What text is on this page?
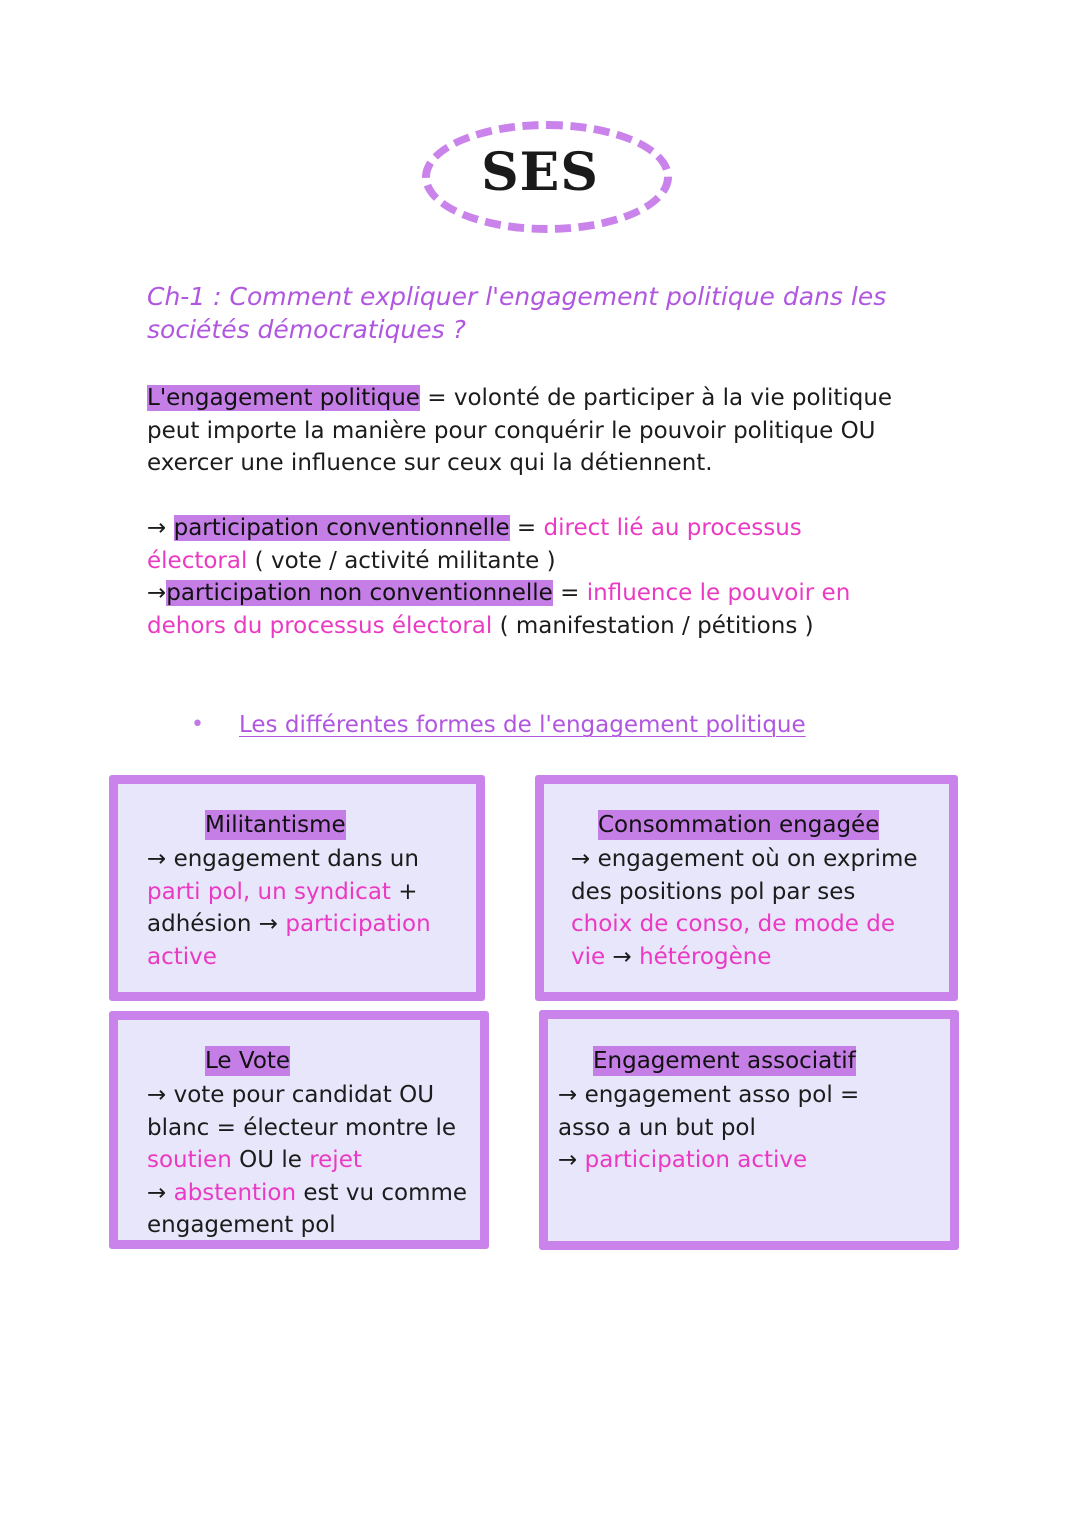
SES
Ch-1 : Comment expliquer l'engagement politique dans les sociétés démocratiques ?
L'engagement politique = volonté de participer à la vie politique
peut importe la manière pour conquérir le pouvoir politique OU
exercer une influence sur ceux qui la détiennent.
→ participation conventionnelle = direct lié au processus
électoral ( vote / activité militante )
→participation non conventionnelle = influence le pouvoir en
dehors du processus électoral ( manifestation / pétitions )
• Les différentes formes de l'engagement politique
Militantisme
→ engagement dans un
parti pol, un syndicat +
adhésion → participation
active
Consommation engagée
→ engagement où on exprime
des positions pol par ses
choix de conso, de mode de
vie → hétérogène
Le Vote
→ vote pour candidat OU
blanc = électeur montre le
soutien OU le rejet
→ abstention est vu comme
engagement pol
Engagement associatif
→ engagement asso pol =
asso a un but pol
→ participation active
